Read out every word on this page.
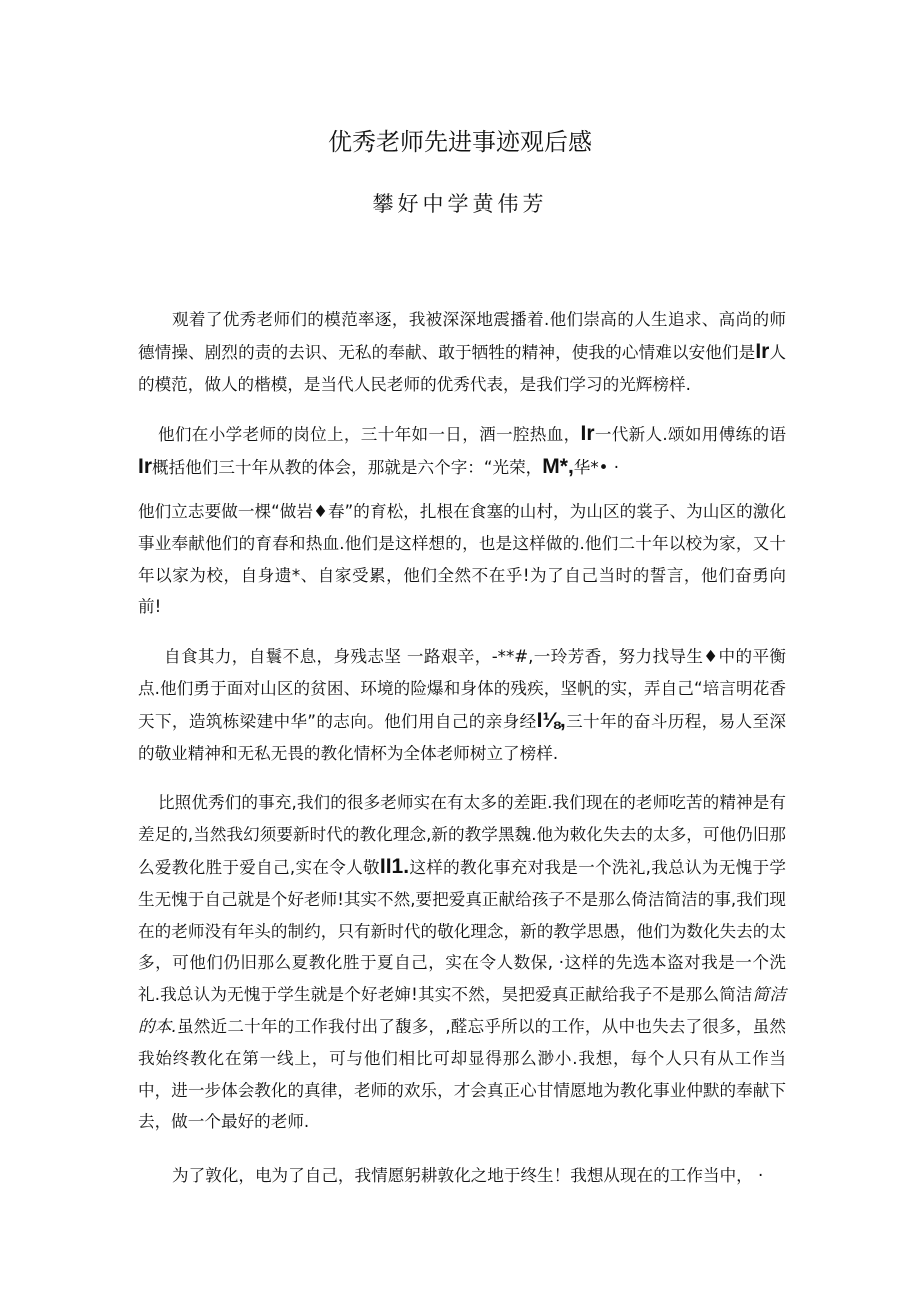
优秀老师先进事迹观后感
攀好中学黄伟芳

观着了优秀老师们的模范率逐，我被深深地震播着.他们崇高的人生追求、高尚的师德情操、剧烈的责的去识、无私的奉献、敢于牺牲的精神，使我的心情难以安他们是Ir人的模范，做人的楷模，是当代人民老师的优秀代表，是我们学习的光辉榜样.

他们在小学老师的岗位上，三十年如一日，酒一腔热血，Ir一代新人.颂如用傅练的语Ir概括他们三十年从教的体会，那就是六个字：“光荣，M*,华*• ·

他们立志要做一棵“做岩♦春”的育松，扎根在食塞的山村，为山区的裳子、为山区的激化事业奉献他们的育春和热血.他们是这样想的，也是这样做的.他们二十年以校为家，又十年以家为校，自身遗*、自家受累，他们全然不在乎!为了自己当时的誓言，他们奋勇向前!

自食其力，自鬟不息，身残志坚 一路艰辛，-**#,一玲芳香，努力找导生♦中的平衡点.他们勇于面对山区的贫困、环境的险爆和身体的残疾，坚帆的实，弄自己“培言明花香天下，造筑栋梁建中华”的志向。他们用自己的亲身经I⅛,三十年的奋斗历程，易人至深的敬业精神和无私无畏的教化情杯为全体老师树立了榜样.

比照优秀们的事充,我们的很多老师实在有太多的差距.我们现在的老师吃苦的精神是有差足的,当然我幻须要新时代的教化理念,新的教学黑魏.他为敕化失去的太多，可他仍旧那么爱教化胜于爱自己,实在令人敬II1.这样的教化事充对我是一个洗礼,我总认为无愧于学生无愧于自己就是个好老师!其实不然,要把爱真正献给孩子不是那么倚洁简洁的事,我们现在的老师没有年头的制约，只有新时代的敬化理念，新的教学思愚，他们为数化失去的太多，可他们仍旧那么夏教化胜于夏自己，实在令人数保, ·这样的先选本盗对我是一个洗礼.我总认为无愧于学生就是个好老婶!其实不然，昊把爱真正献给我子不是那么简洁简洁的本.虽然近二十年的工作我付出了馥多，,醛忘乎所以的工作，从中也失去了很多，虽然我始终教化在第一线上，可与他们相比可却显得那么渺小.我想，每个人只有从工作当中，进一步体会教化的真律，老师的欢乐，才会真正心甘情愿地为教化事业仲默的奉献下去，做一个最好的老师.

为了敦化，电为了自己，我情愿躬耕敦化之地于终生！我想从现在的工作当中， ·
